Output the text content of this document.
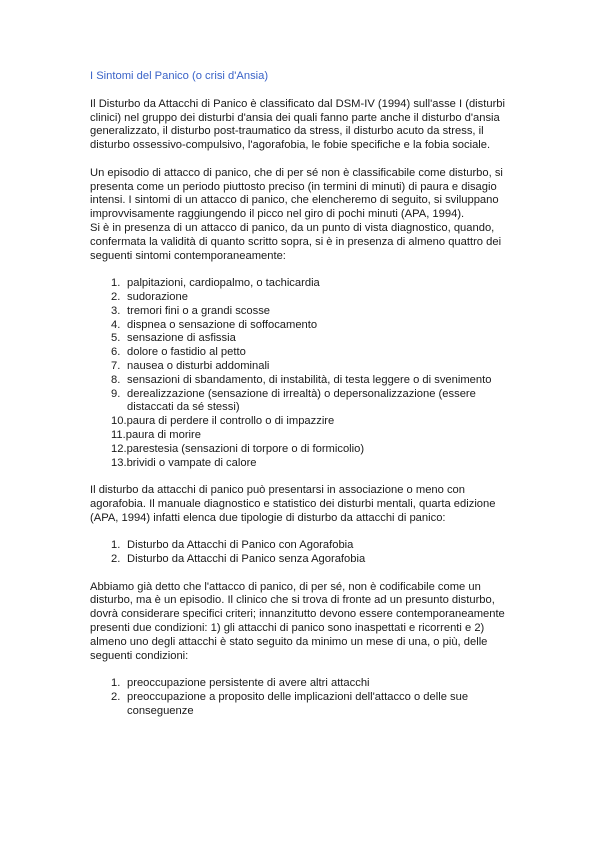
I Sintomi del Panico (o crisi d'Ansia)

Il Disturbo da Attacchi di Panico è classificato dal DSM-IV (1994) sull'asse I (disturbi clinici) nel gruppo dei disturbi d'ansia dei quali fanno parte anche il disturbo d'ansia generalizzato, il disturbo post-traumatico da stress, il disturbo acuto da stress, il disturbo ossessivo-compulsivo, l'agorafobia, le fobie specifiche e la fobia sociale.

Un episodio di attacco di panico, che di per sé non è classificabile come disturbo, si presenta come un periodo piuttosto preciso (in termini di minuti) di paura e disagio intensi. I sintomi di un attacco di panico, che elencheremo di seguito, si sviluppano improvvisamente raggiungendo il picco nel giro di pochi minuti (APA, 1994).

Si è in presenza di un attacco di panico, da un punto di vista diagnostico, quando, confermata la validità di quanto scritto sopra, si è in presenza di almeno quattro dei seguenti sintomi contemporaneamente:

1. palpitazioni, cardiopalmo, o tachicardia
2. sudorazione
3. tremori fini o a grandi scosse
4. dispnea o sensazione di soffocamento
5. sensazione di asfissia
6. dolore o fastidio al petto
7. nausea o disturbi addominali
8. sensazioni di sbandamento, di instabilità, di testa leggere o di svenimento
9. derealizzazione (sensazione di irrealtà) o depersonalizzazione (essere distaccati da sé stessi)
10.paura di perdere il controllo o di impazzire
11.paura di morire
12.parestesia (sensazioni di torpore o di formicolio)
13.brividi o vampate di calore

Il disturbo da attacchi di panico può presentarsi in associazione o meno con agorafobia. Il manuale diagnostico e statistico dei disturbi mentali, quarta edizione (APA, 1994) infatti elenca due tipologie di disturbo da attacchi di panico:

1. Disturbo da Attacchi di Panico con Agorafobia
2. Disturbo da Attacchi di Panico senza Agorafobia

Abbiamo già detto che l'attacco di panico, di per sé, non è codificabile come un disturbo, ma è un episodio. Il clinico che si trova di fronte ad un presunto disturbo, dovrà considerare specifici criteri; innanzitutto devono essere contemporaneamente presenti due condizioni: 1) gli attacchi di panico sono inaspettati e ricorrenti e 2) almeno uno degli attacchi è stato seguito da minimo un mese di una, o più, delle seguenti condizioni:

1. preoccupazione persistente di avere altri attacchi
2. preoccupazione a proposito delle implicazioni dell'attacco o delle sue conseguenze
